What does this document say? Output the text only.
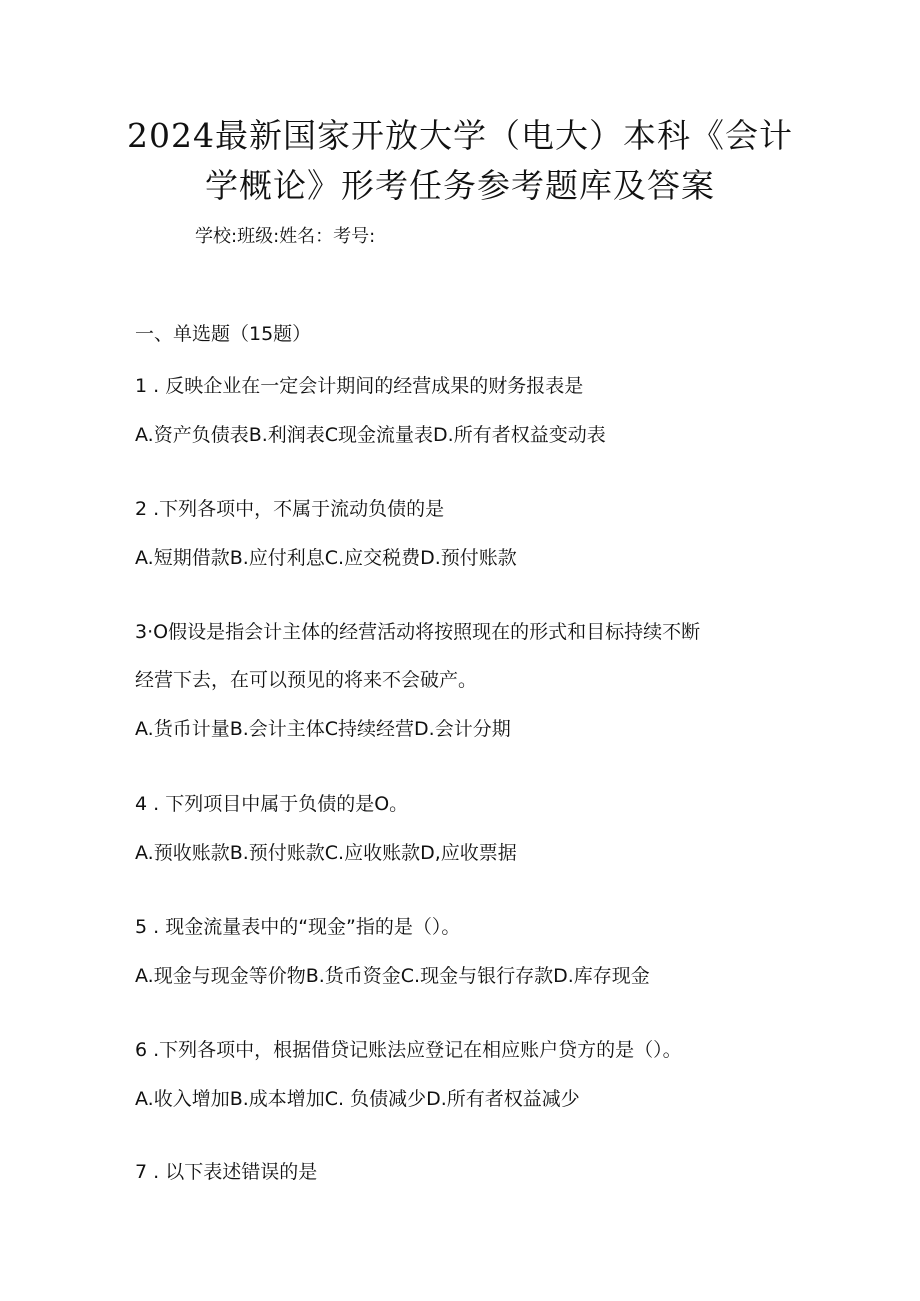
2024最新国家开放大学（电大）本科《会计
学概论》形考任务参考题库及答案
学校:班级:姓名：考号:
一、单选题（15题）
1 . 反映企业在一定会计期间的经营成果的财务报表是
A.资产负债表B.利润表C现金流量表D.所有者权益变动表
2 .下列各项中，不属于流动负债的是
A.短期借款B.应付利息C.应交税费D.预付账款
3·O假设是指会计主体的经营活动将按照现在的形式和目标持续不断
经营下去，在可以预见的将来不会破产。
A.货币计量B.会计主体C持续经营D.会计分期
4 . 下列项目中属于负债的是O。
A.预收账款B.预付账款C.应收账款D,应收票据
5 . 现金流量表中的“现金”指的是（）。
A.现金与现金等价物B.货币资金C.现金与银行存款D.库存现金
6 .下列各项中，根据借贷记账法应登记在相应账户贷方的是（）。
A.收入增加B.成本增加C. 负债减少D.所有者权益减少
7 . 以下表述错误的是
